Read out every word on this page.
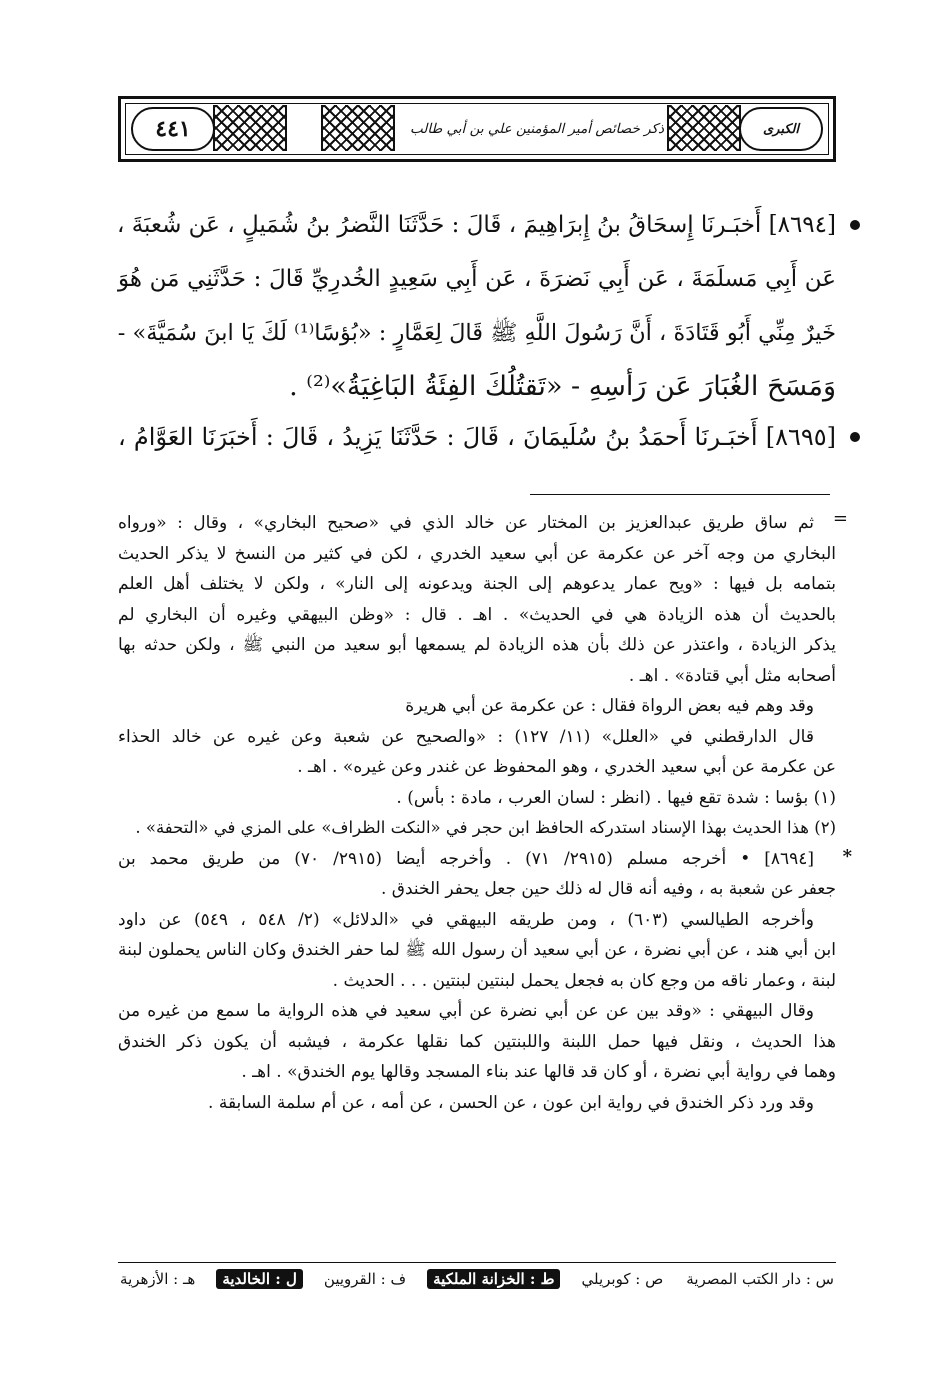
٤٤١	ذكر خصائص أمير المؤمنين علي بن أبي طالب	الكبرى

[٨٦٩٤] أَخبَـرنَا إِسحَاقُ بنُ إِبرَاهِيمَ ، قَالَ : حَدَّثَنَا النَّضرُ بنُ شُمَيلٍ ، عَن شُعبَةَ ،

عَن أَبِي مَسلَمَةَ ، عَن أَبِي نَضرَةَ ، عَن أَبِي سَعِيدٍ الخُدرِيِّ قَالَ : حَدَّثَنِي مَن هُوَ

خَيرٌ مِنِّي أَبُو قَتَادَةَ ، أَنَّ رَسُولَ اللَّهِ ﷺ قَالَ لِعَمَّارٍ : «بُؤسًا⁽¹⁾ لَكَ يَا ابنَ سُمَيَّةَ» -

وَمَسَحَ الغُبَارَ عَن رَأسِهِ - «تَقتُلُكَ الفِئَةُ البَاغِيَةُ»⁽²⁾ .

[٨٦٩٥] أَخبَـرنَا أَحمَدُ بنُ سُلَيمَانَ ، قَالَ : حَدَّثَنَا يَزِيدُ ، قَالَ : أَخبَرَنَا العَوَّامُ ،

=

ثم ساق طريق عبدالعزيز بن المختار عن خالد الذي في «صحيح البخاري» ، وقال : «ورواه

البخاري من وجه آخر عن عكرمة عن أبي سعيد الخدري ، لكن في كثير من النسخ لا يذكر الحديث

بتمامه بل فيها : «ويح عمار يدعوهم إلى الجنة ويدعونه إلى النار» ، ولكن لا يختلف أهل العلم

بالحديث أن هذه الزيادة هي في الحديث» . اهـ . قال : «وظن البيهقي وغيره أن البخاري لم

يذكر الزيادة ، واعتذر عن ذلك بأن هذه الزيادة لم يسمعها أبو سعيد من النبي ﷺ ، ولكن حدثه بها

أصحابه مثل أبي قتادة» . اهـ .

وقد وهم فيه بعض الرواة فقال : عن عكرمة عن أبي هريرة

قال الدارقطني في «العلل» (١١/ ١٢٧) : «والصحيح عن شعبة وعن غيره عن خالد الحذاء

عن عكرمة عن أبي سعيد الخدري ، وهو المحفوظ عن غندر وعن غيره» . اهـ .

(١) بؤسا : شدة تقع فيها . (انظر : لسان العرب ، مادة : بأس) .

(٢) هذا الحديث بهذا الإسناد استدركه الحافظ ابن حجر في «النكت الظراف» على المزي في «التحفة» .

*

[٨٦٩٤] • أخرجه مسلم (٢٩١٥/ ٧١) . وأخرجه أيضا (٢٩١٥/ ٧٠) من طريق محمد بن

جعفر عن شعبة به ، وفيه أنه قال له ذلك حين جعل يحفر الخندق .

وأخرجه الطيالسي (٦٠٣) ، ومن طريقه البيهقي في «الدلائل» (٢/ ٥٤٨ ، ٥٤٩) عن داود

ابن أبي هند ، عن أبي نضرة ، عن أبي سعيد أن رسول الله ﷺ لما حفر الخندق وكان الناس يحملون لبنة

لبنة ، وعمار ناقه من وجع كان به فجعل يحمل لبنتين لبنتين . . . الحديث .

وقال البيهقي : «وقد بين عن عن أبي نضرة عن أبي سعيد في هذه الرواية ما سمع من غيره من

هذا الحديث ، ونقل فيها حمل اللبنة واللبنتين كما نقلها عكرمة ، فيشبه أن يكون ذكر الخندق

وهما في رواية أبي نضرة ، أو كان قد قالها عند بناء المسجد وقالها يوم الخندق» . اهـ .

وقد ورد ذكر الخندق في رواية ابن عون ، عن الحسن ، عن أمه ، عن أم سلمة السابقة .

س : دار الكتب المصرية
ص : كوبريلي
ط : الخزانة الملكية
ف : القرويين
ل : الخالدية
هـ : الأزهرية
